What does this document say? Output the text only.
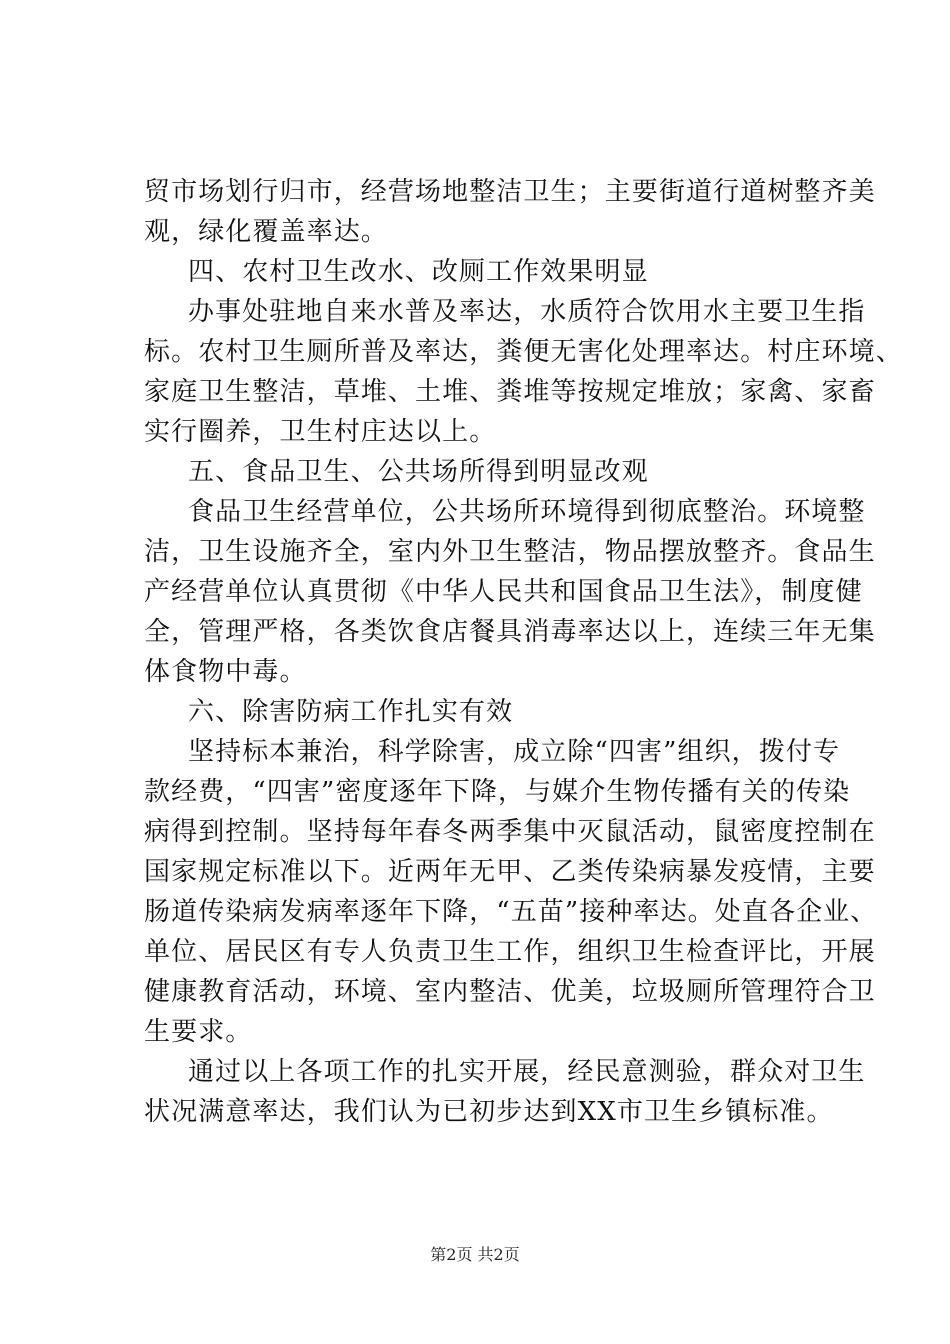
贸市场划行归市，经营场地整洁卫生；主要街道行道树整齐美
观，绿化覆盖率达。
四、农村卫生改水、改厕工作效果明显
办事处驻地自来水普及率达，水质符合饮用水主要卫生指
标。农村卫生厕所普及率达，粪便无害化处理率达。村庄环境、
家庭卫生整洁，草堆、土堆、粪堆等按规定堆放；家禽、家畜
实行圈养，卫生村庄达以上。
五、食品卫生、公共场所得到明显改观
食品卫生经营单位，公共场所环境得到彻底整治。环境整
洁，卫生设施齐全，室内外卫生整洁，物品摆放整齐。食品生
产经营单位认真贯彻《中华人民共和国食品卫生法》，制度健
全，管理严格，各类饮食店餐具消毒率达以上，连续三年无集
体食物中毒。
六、除害防病工作扎实有效
坚持标本兼治，科学除害，成立除“四害”组织，拨付专
款经费，“四害”密度逐年下降，与媒介生物传播有关的传染
病得到控制。坚持每年春冬两季集中灭鼠活动，鼠密度控制在
国家规定标准以下。近两年无甲、乙类传染病暴发疫情，主要
肠道传染病发病率逐年下降，“五苗”接种率达。处直各企业、
单位、居民区有专人负责卫生工作，组织卫生检查评比，开展
健康教育活动，环境、室内整洁、优美，垃圾厕所管理符合卫
生要求。
通过以上各项工作的扎实开展，经民意测验，群众对卫生
状况满意率达，我们认为已初步达到XX市卫生乡镇标准。
第2页 共2页
